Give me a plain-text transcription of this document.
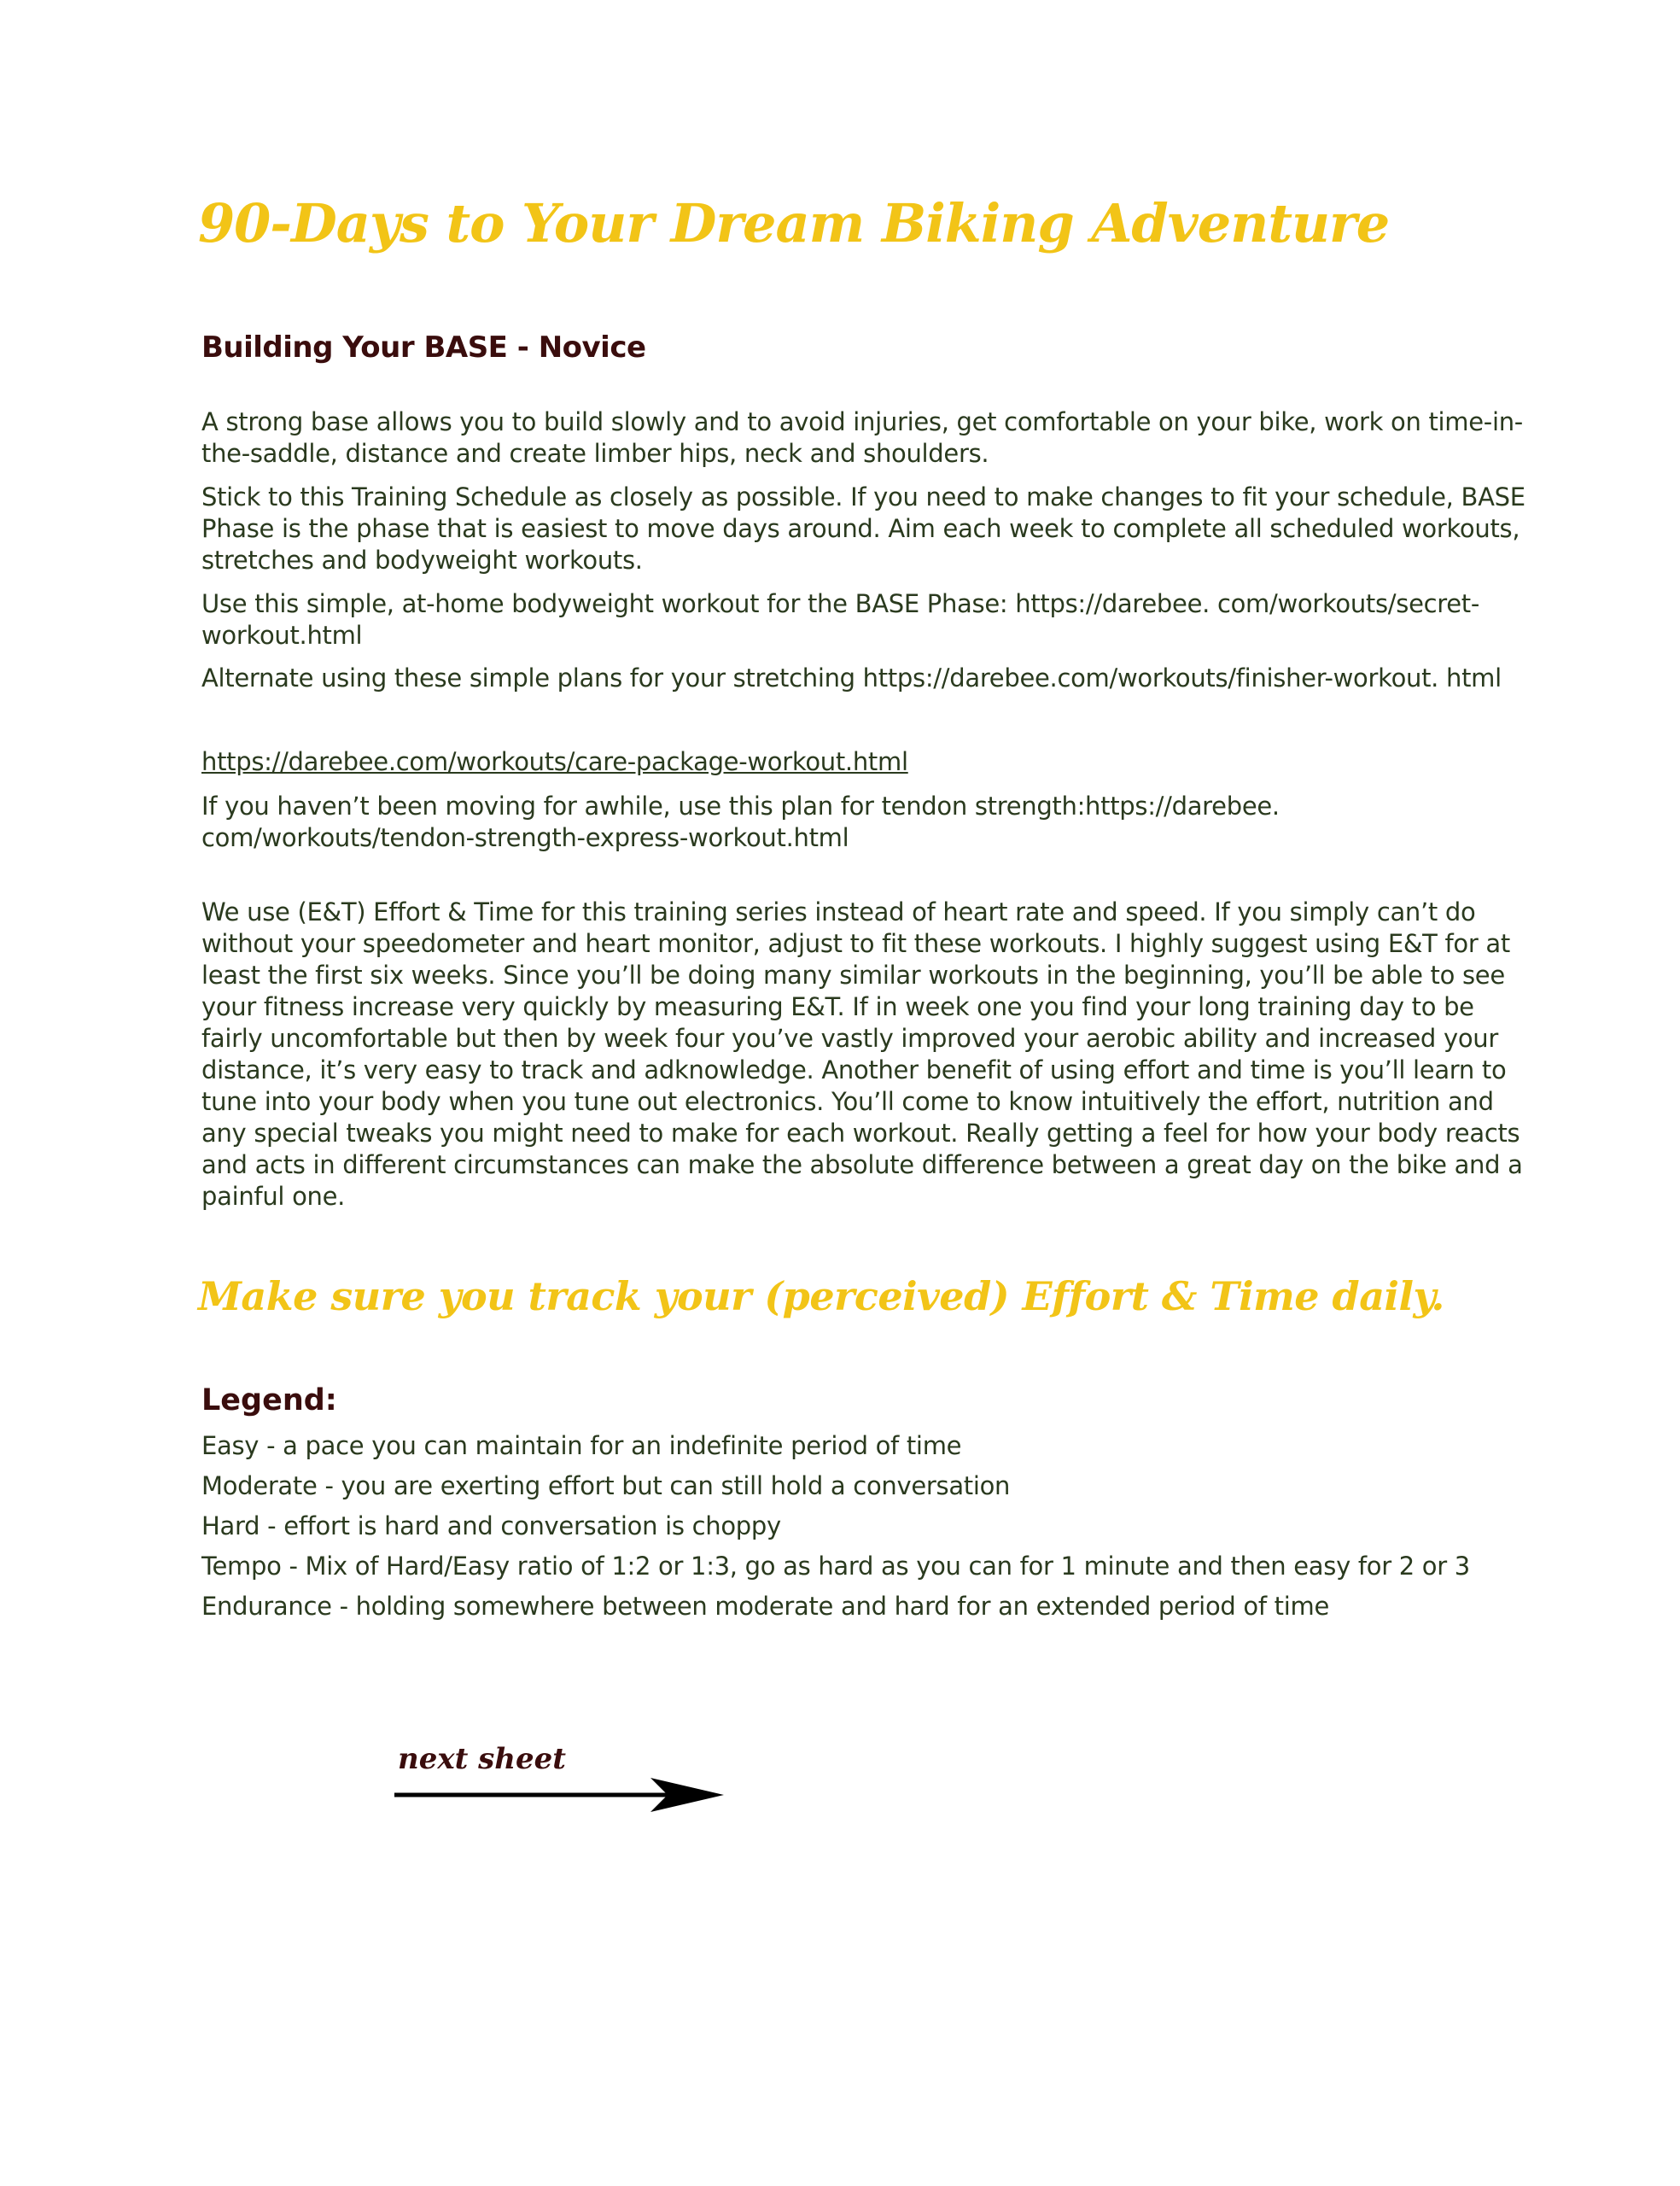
90-Days to Your Dream Biking Adventure
Building Your BASE - Novice

A strong base allows you to build slowly and to avoid injuries, get comfortable on your bike, work on time-in-the-saddle, distance and create limber hips, neck and shoulders.

Stick to this Training Schedule as closely as possible. If you need to make changes to fit your schedule, BASE Phase is the phase that is easiest to move days around. Aim each week to complete all scheduled workouts, stretches and bodyweight workouts.

Use this simple, at-home bodyweight workout for the BASE Phase: https://darebee. com/workouts/secret-workout.html

Alternate using these simple plans for your stretching https://darebee.com/workouts/finisher-workout. html

https://darebee.com/workouts/care-package-workout.html

If you haven’t been moving for awhile, use this plan for tendon strength:https://darebee. com/workouts/tendon-strength-express-workout.html

We use (E&T) Effort & Time for this training series instead of heart rate and speed. If you simply can’t do without your speedometer and heart monitor, adjust to fit these workouts. I highly suggest using E&T for at least the first six weeks. Since you’ll be doing many similar workouts in the beginning, you’ll be able to see your fitness increase very quickly by measuring E&T. If in week one you find your long training day to be fairly uncomfortable but then by week four you’ve vastly improved your aerobic ability and increased your distance, it’s very easy to track and adknowledge. Another benefit of using effort and time is you’ll learn to tune into your body when you tune out electronics. You’ll come to know intuitively the effort, nutrition and any special tweaks you might need to make for each workout. Really getting a feel for how your body reacts and acts in different circumstances can make the absolute difference between a great day on the bike and a painful one.

Make sure you track your (perceived) Effort & Time daily.

Legend:
Easy - a pace you can maintain for an indefinite period of time
Moderate - you are exerting effort but can still hold a conversation
Hard - effort is hard and conversation is choppy
Tempo - Mix of Hard/Easy ratio of 1:2 or 1:3, go as hard as you can for 1 minute and then easy for 2 or 3
Endurance - holding somewhere between moderate and hard for an extended period of time
next sheet
